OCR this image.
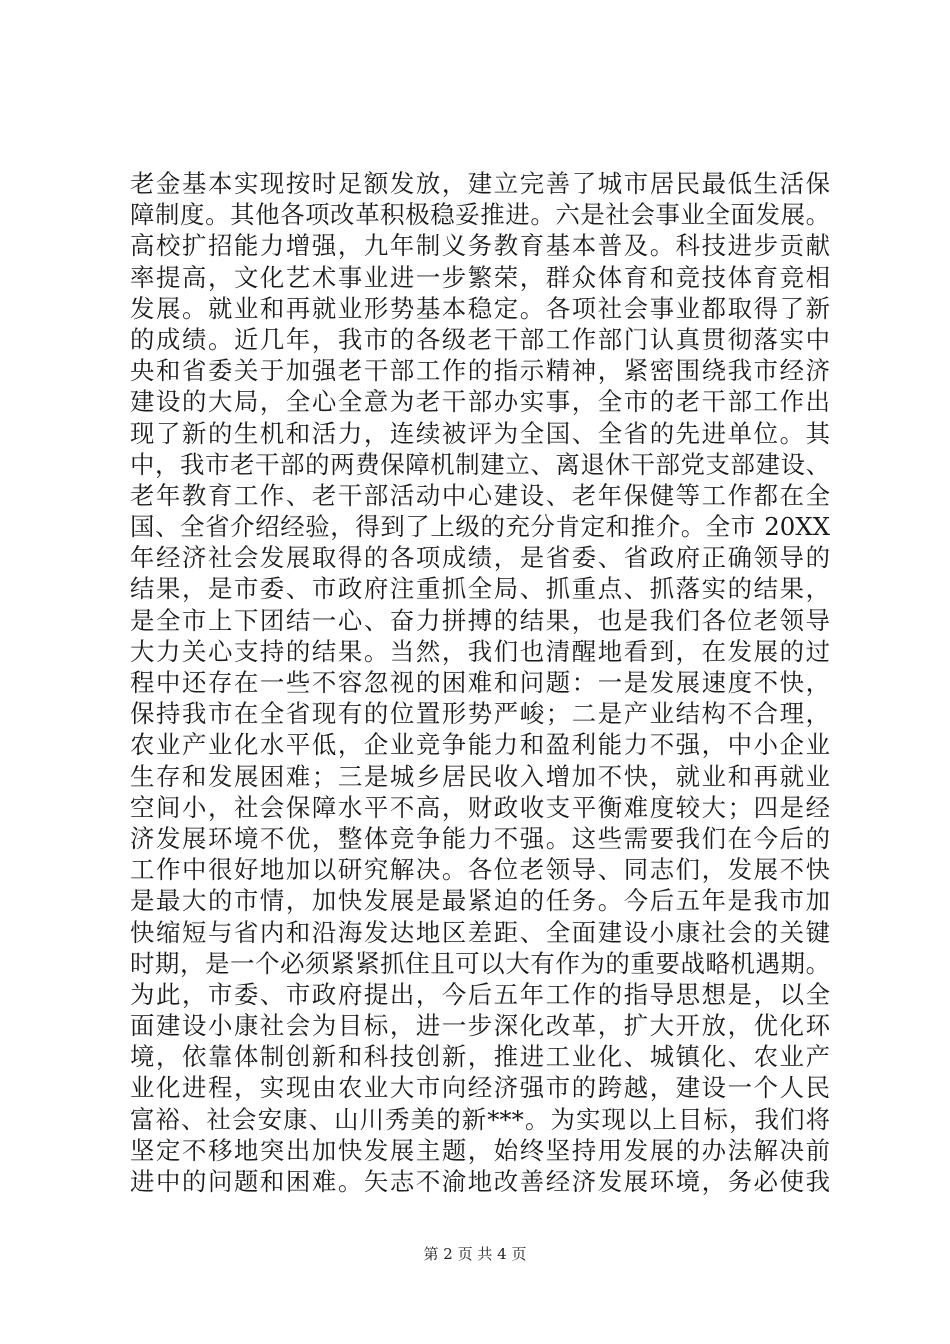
老金基本实现按时足额发放，建立完善了城市居民最低生活保
障制度。其他各项改革积极稳妥推进。六是社会事业全面发展。
高校扩招能力增强，九年制义务教育基本普及。科技进步贡献
率提高，文化艺术事业进一步繁荣，群众体育和竞技体育竞相
发展。就业和再就业形势基本稳定。各项社会事业都取得了新
的成绩。近几年，我市的各级老干部工作部门认真贯彻落实中
央和省委关于加强老干部工作的指示精神，紧密围绕我市经济
建设的大局，全心全意为老干部办实事，全市的老干部工作出
现了新的生机和活力，连续被评为全国、全省的先进单位。其
中，我市老干部的两费保障机制建立、离退休干部党支部建设、
老年教育工作、老干部活动中心建设、老年保健等工作都在全
国、全省介绍经验，得到了上级的充分肯定和推介。全市 20XX
年经济社会发展取得的各项成绩，是省委、省政府正确领导的
结果，是市委、市政府注重抓全局、抓重点、抓落实的结果，
是全市上下团结一心、奋力拼搏的结果，也是我们各位老领导
大力关心支持的结果。当然，我们也清醒地看到，在发展的过
程中还存在一些不容忽视的困难和问题：一是发展速度不快，
保持我市在全省现有的位置形势严峻；二是产业结构不合理，
农业产业化水平低，企业竞争能力和盈利能力不强，中小企业
生存和发展困难；三是城乡居民收入增加不快，就业和再就业
空间小，社会保障水平不高，财政收支平衡难度较大；四是经
济发展环境不优，整体竞争能力不强。这些需要我们在今后的
工作中很好地加以研究解决。各位老领导、同志们，发展不快
是最大的市情，加快发展是最紧迫的任务。今后五年是我市加
快缩短与省内和沿海发达地区差距、全面建设小康社会的关键
时期，是一个必须紧紧抓住且可以大有作为的重要战略机遇期。
为此，市委、市政府提出，今后五年工作的指导思想是，以全
面建设小康社会为目标，进一步深化改革，扩大开放，优化环
境，依靠体制创新和科技创新，推进工业化、城镇化、农业产
业化进程，实现由农业大市向经济强市的跨越，建设一个人民
富裕、社会安康、山川秀美的新***。为实现以上目标，我们将
坚定不移地突出加快发展主题，始终坚持用发展的办法解决前
进中的问题和困难。矢志不渝地改善经济发展环境，务必使我
第 2 页 共 4 页
